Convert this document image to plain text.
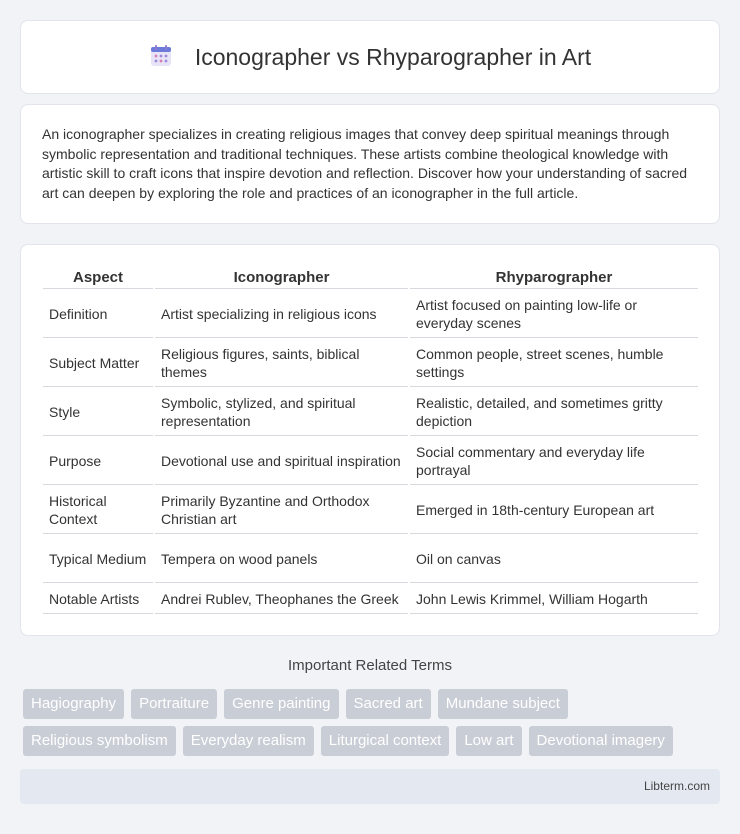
Iconographer vs Rhyparographer in Art

An iconographer specializes in creating religious images that convey deep spiritual meanings through symbolic representation and traditional techniques. These artists combine theological knowledge with artistic skill to craft icons that inspire devotion and reflection. Discover how your understanding of sacred art can deepen by exploring the role and practices of an iconographer in the full article.

Aspect	Iconographer	Rhyparographer
Definition	Artist specializing in religious icons	Artist focused on painting low-life or everyday scenes
Subject Matter	Religious figures, saints, biblical themes	Common people, street scenes, humble settings
Style	Symbolic, stylized, and spiritual representation	Realistic, detailed, and sometimes gritty depiction
Purpose	Devotional use and spiritual inspiration	Social commentary and everyday life portrayal
Historical Context	Primarily Byzantine and Orthodox Christian art	Emerged in 18th-century European art
Typical Medium	Tempera on wood panels	Oil on canvas
Notable Artists	Andrei Rublev, Theophanes the Greek	John Lewis Krimmel, William Hogarth
Important Related Terms
Hagiography	Portraiture	Genre painting	Sacred art	Mundane subject
Religious symbolism	Everyday realism	Liturgical context	Low art	Devotional imagery
Libterm.com
